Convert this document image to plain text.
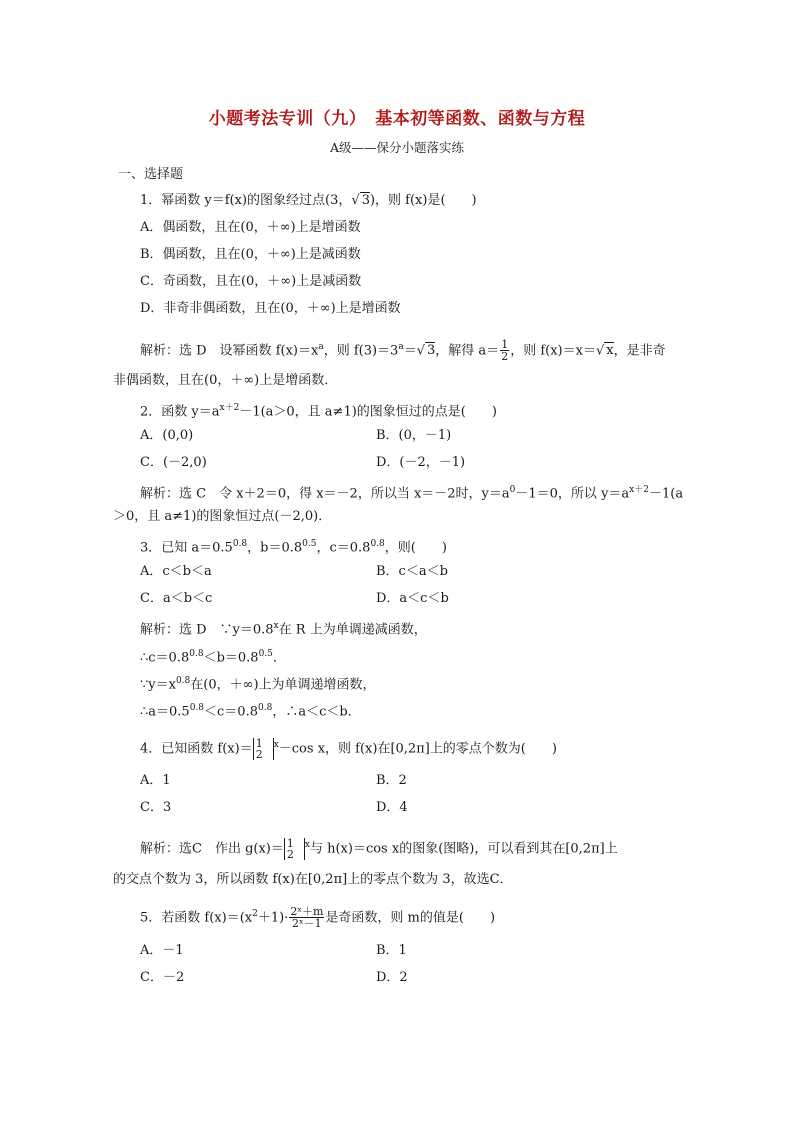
小题考法专训（九）　基本初等函数、函数与方程
A级——保分小题落实练
一、选择题
1．幂函数 y＝f(x)的图象经过点(3，√ 3)，则 f(x)是(　　)
A．偶函数，且在(0，＋∞)上是增函数
B．偶函数，且在(0，＋∞)上是减函数
C．奇函数，且在(0，＋∞)上是减函数
D．非奇非偶函数，且在(0，＋∞)上是增函数
解析：选 D　设幂函数 $f(x)=x^a$，则 $f(3)=3^a=√$ 3，解得 $a= \frac{1}{2}$ ，则 f(x)＝x＝√ x，是非奇
非偶函数，且在(0，＋∞)上是增函数．
2．函数 $y=a^{x+2}-1(a>0$，且 a≠1)的图象恒过的点是(　　)
A．(0,0)	B．(0，－1)
C．(－2,0)	D．(－2，－1)
解析：选 C　令 x＋2＝0，得 x＝－2，所以当 x＝－2时，$y=a^0-1=0$，所以 $y=a^{x+2}-1(a$
＞0，且 a≠1)的图象恒过点(－2,0)．
3．已知 $a=0.5^{0.8}$，$b=0.8^{0.5}$，$c=0.8^{0.8}$，则(　　)
A．c＜b＜a	B．c＜a＜b
C．a＜b＜c	D．a＜c＜b
解析：选 D　$\because y=0.8^x$在 R 上为单调递减函数，
$\therefore c=0.8^{0.8}<b=0.8^{0.5}$．
$\because y=x^{0.8}$在(0，＋∞)上为单调递增函数，
$\therefore a=0.5^{0.8}<c=0.8^{0.8}$，∴a＜c＜b．
4．已知函数 f(x)＝ 1
2
$^x$－cos x，则 f(x)在[0,2π]上的零点个数为(　　)
A．1	B．2
C．3	D．4
解析：选C　作出 g(x)＝ 1
2
$^x$与 h(x)＝cos x的图象(图略)，可以看到其在[0,2π]上
的交点个数为 3，所以函数 f(x)在[0,2π]上的零点个数为 3，故选C．
5．若函数 $f(x)=(x^2+1)\cdot \frac{\text{2ˣ＋m}}{\text{2ˣ－1}}$ 是奇函数，则 m的值是(　　)
A．－1	B．1
C．－2	D．2
